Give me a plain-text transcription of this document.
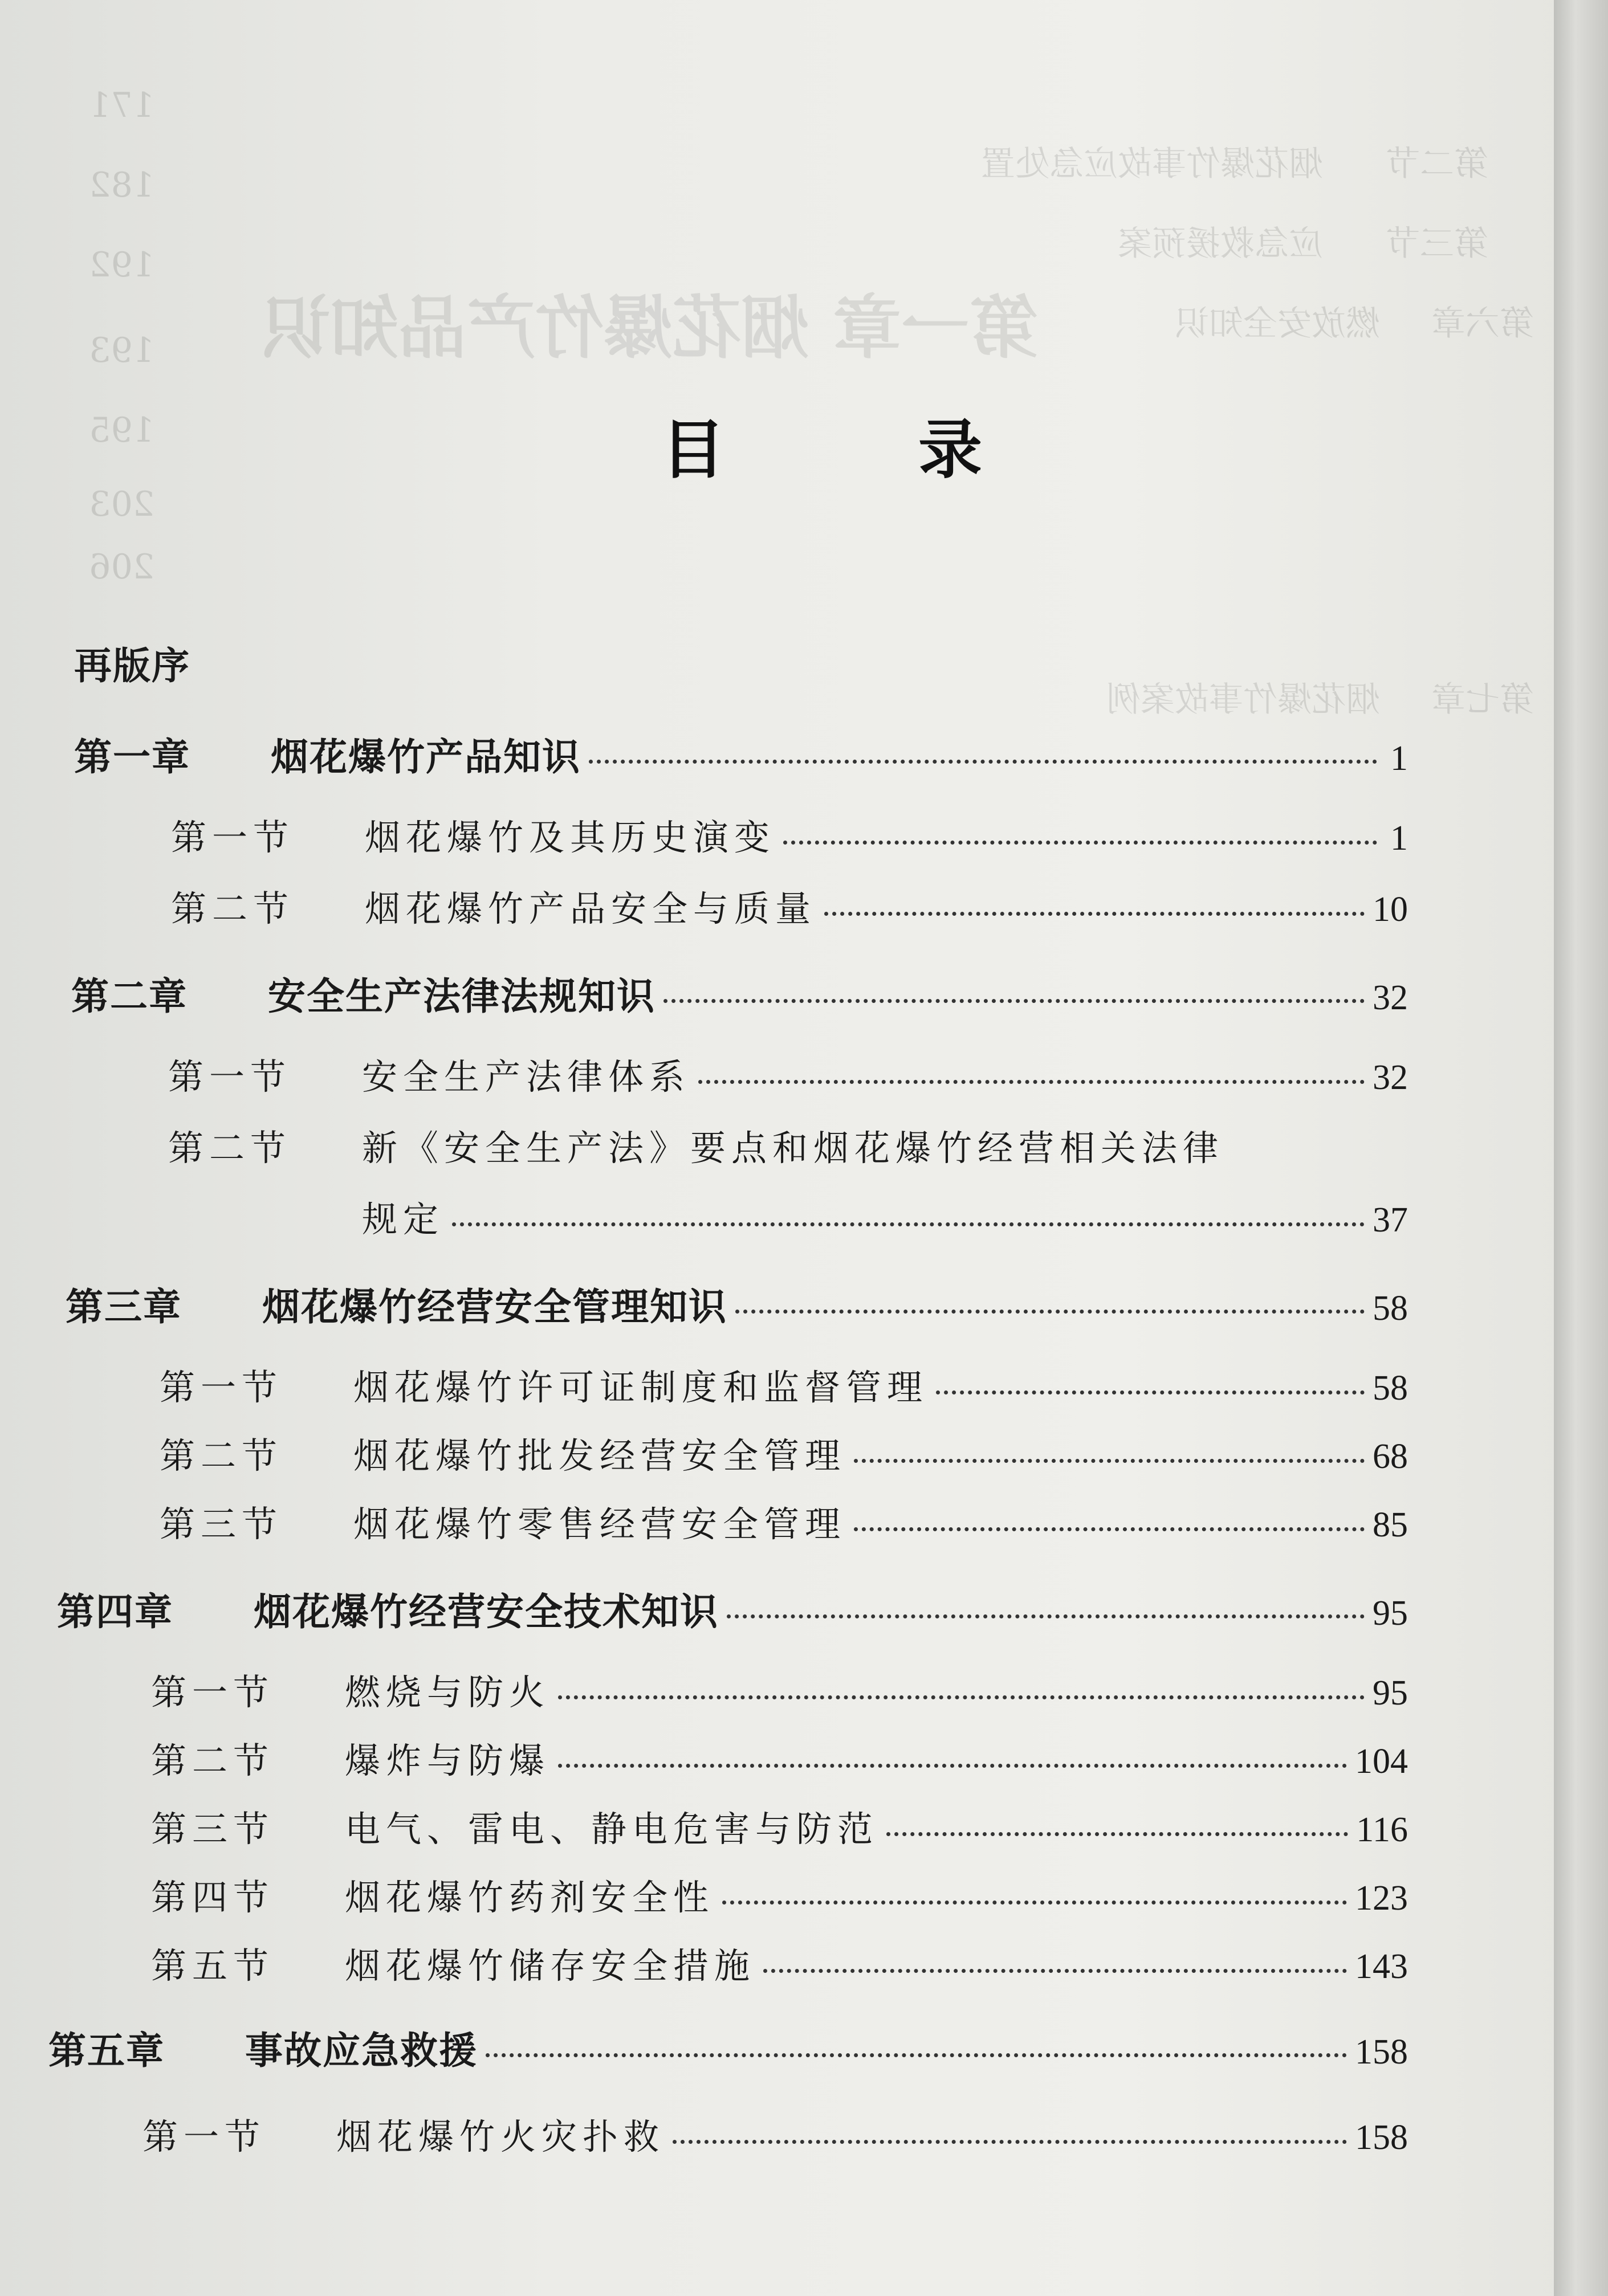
第二节
烟花爆竹事故应急处置
171
182
第三节
应急救援预案
192
第六章
燃放安全知识
第一章 烟花爆竹产品知识
193
195
203
206
第七章
烟花爆竹事故案例
目 录
再版序
第一章	烟花爆竹产品知识	1
第一节	烟花爆竹及其历史演变	1
第二节	烟花爆竹产品安全与质量	10
第二章	安全生产法律法规知识	32
第一节	安全生产法律体系	32
第二节	新《安全生产法》要点和烟花爆竹经营相关法律
规定	37
第三章	烟花爆竹经营安全管理知识	58
第一节	烟花爆竹许可证制度和监督管理	58
第二节	烟花爆竹批发经营安全管理	68
第三节	烟花爆竹零售经营安全管理	85
第四章	烟花爆竹经营安全技术知识	95
第一节	燃烧与防火	95
第二节	爆炸与防爆	104
第三节	电气、雷电、静电危害与防范	116
第四节	烟花爆竹药剂安全性	123
第五节	烟花爆竹储存安全措施	143
第五章	事故应急救援	158
第一节	烟花爆竹火灾扑救	158
